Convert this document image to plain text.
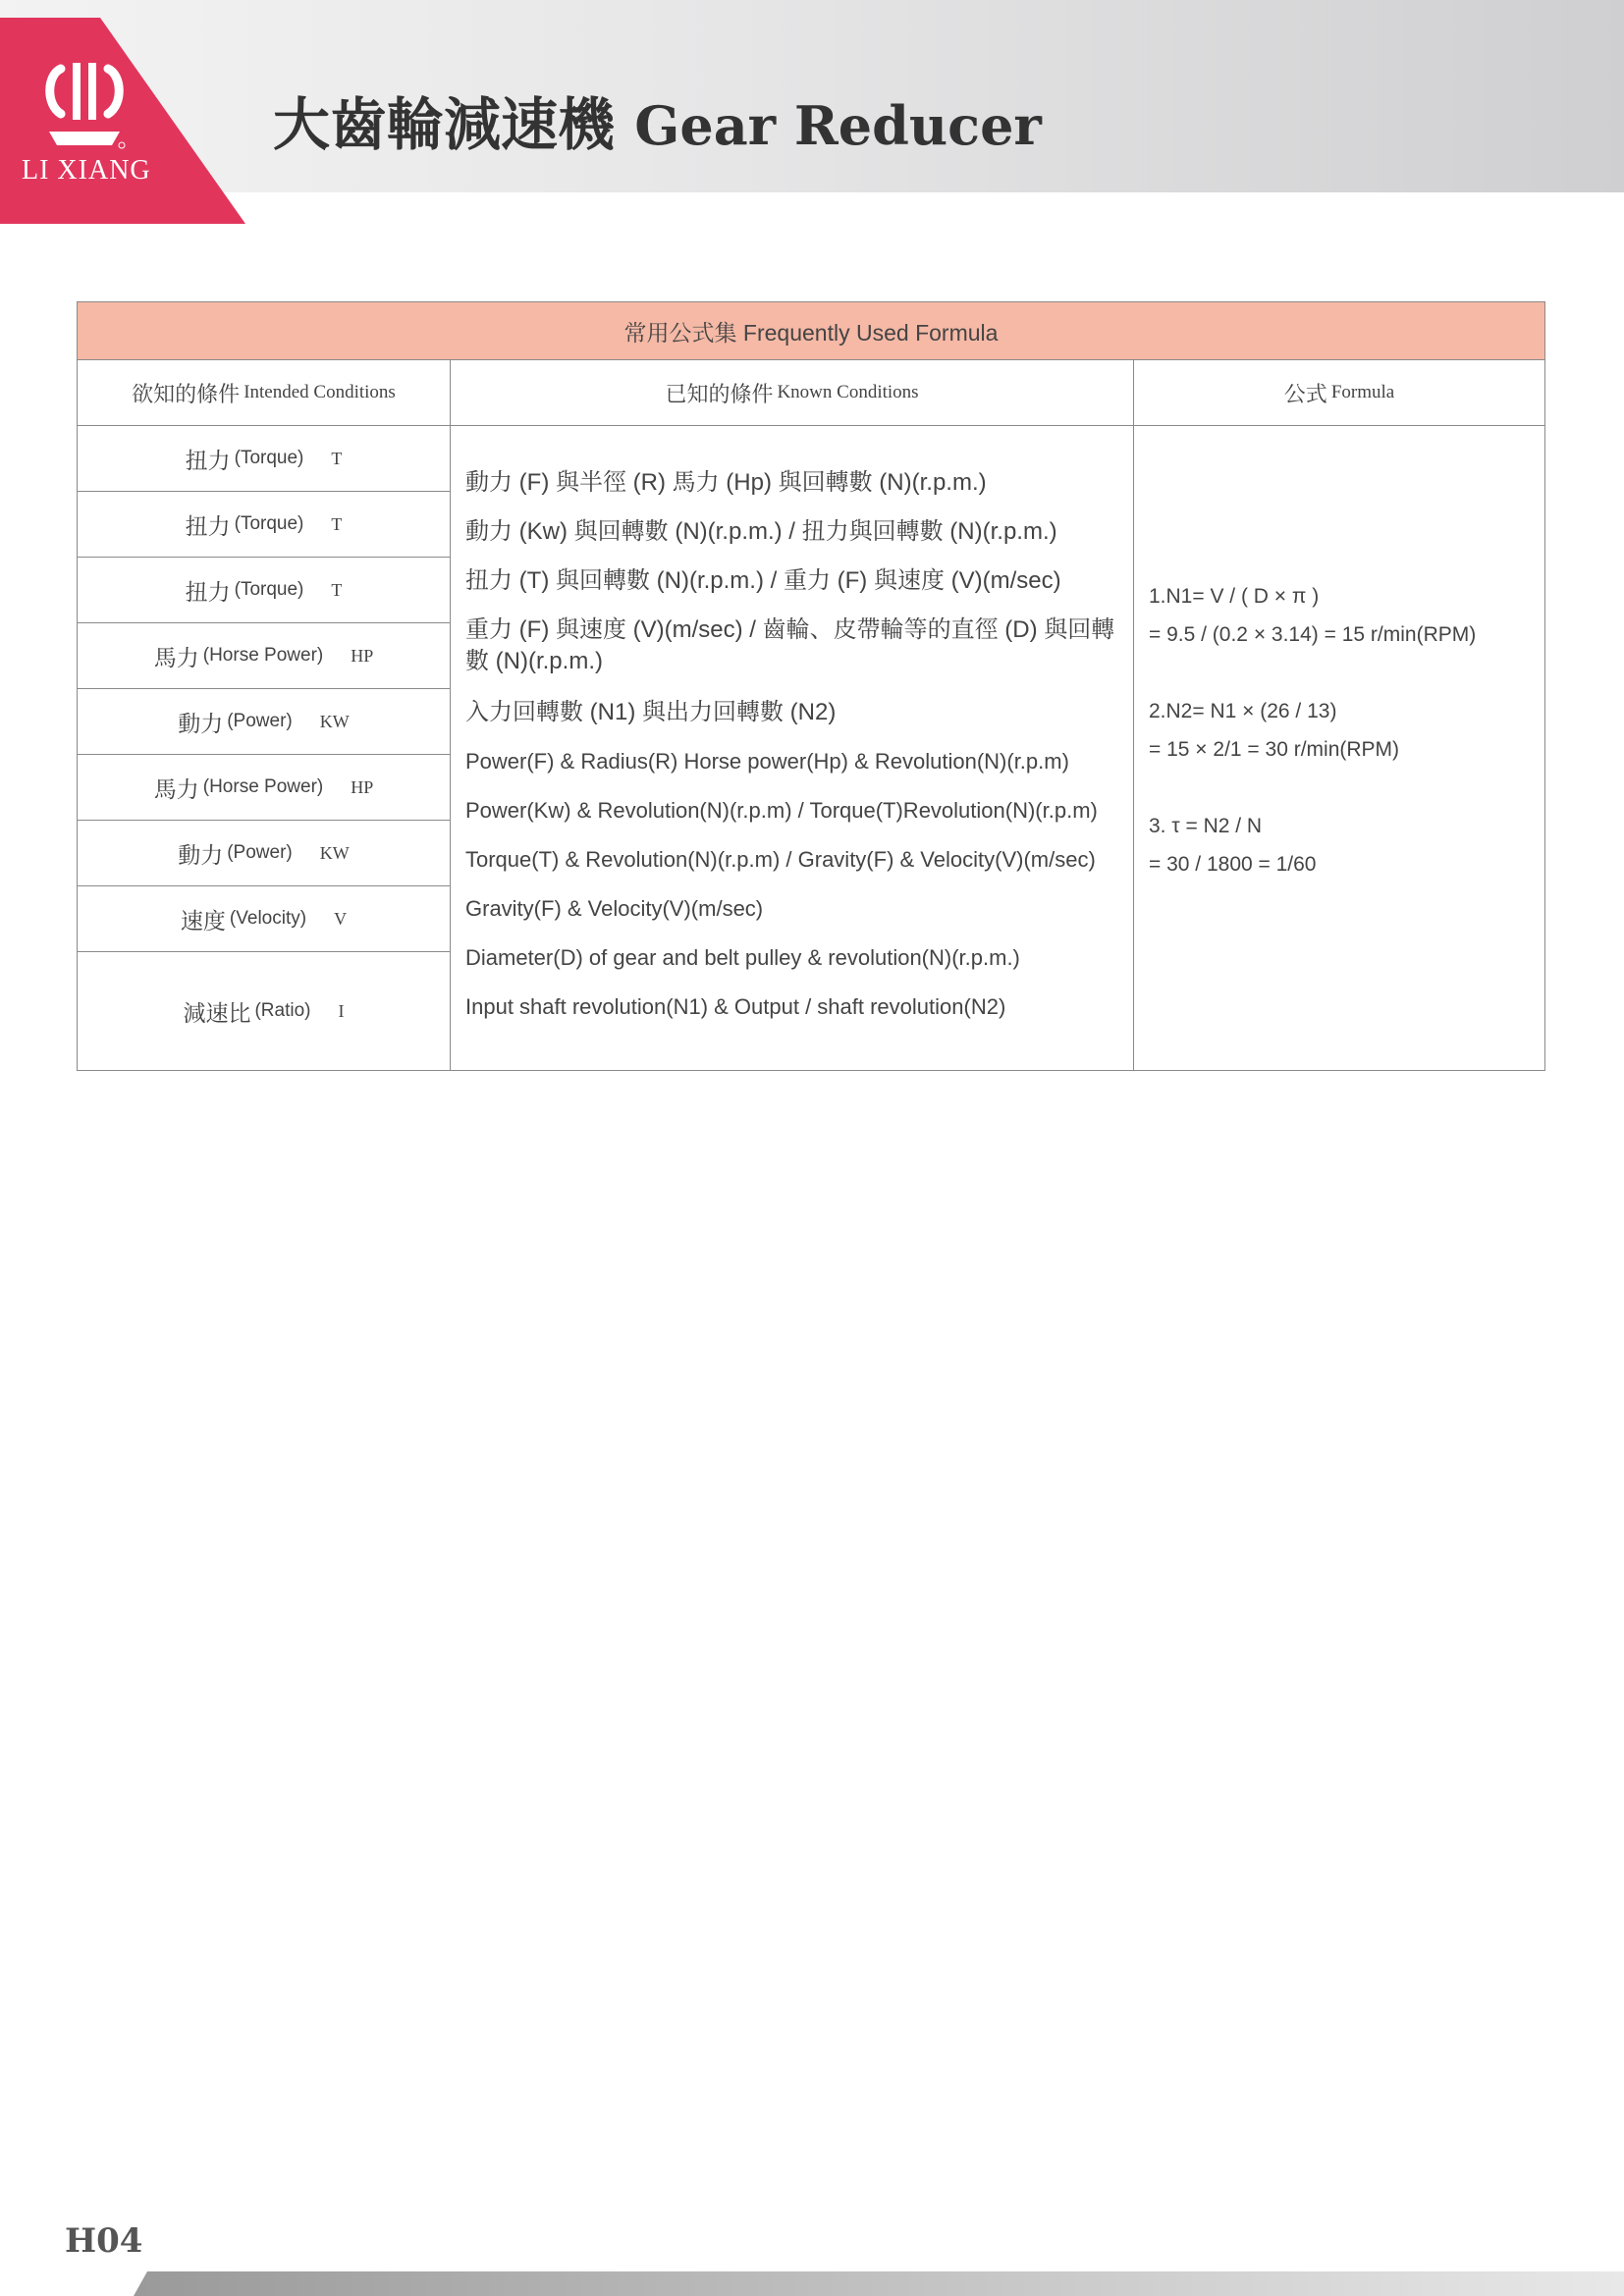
LI XIANG
大齒輪減速機 Gear Reducer
常用公式集 Frequently Used Formula
欲知的條件 Intended Conditions	已知的條件 Known Conditions	公式 Formula
扭力 (Torque) T
扭力 (Torque) T
扭力 (Torque) T
馬力 (Horse Power) HP
動力 (Power) KW
馬力 (Horse Power) HP
動力 (Power) KW
速度 (Velocity) V
減速比 (Ratio) I
動力 (F) 與半徑 (R) 馬力 (Hp) 與回轉數 (N)(r.p.m.)
動力 (Kw) 與回轉數 (N)(r.p.m.) / 扭力與回轉數 (N)(r.p.m.)
扭力 (T) 與回轉數 (N)(r.p.m.) / 重力 (F) 與速度 (V)(m/sec)
重力 (F) 與速度 (V)(m/sec) / 齒輪、皮帶輪等的直徑 (D) 與回轉數 (N)(r.p.m.)
入力回轉數 (N1) 與出力回轉數 (N2)
Power(F) & Radius(R) Horse power(Hp) & Revolution(N)(r.p.m)
Power(Kw) & Revolution(N)(r.p.m) / Torque(T)Revolution(N)(r.p.m)
Torque(T) & Revolution(N)(r.p.m) / Gravity(F) & Velocity(V)(m/sec)
Gravity(F) & Velocity(V)(m/sec)
Diameter(D) of gear and belt pulley & revolution(N)(r.p.m.)
Input shaft revolution(N1) & Output / shaft revolution(N2)
1.N1= V / ( D × π )
= 9.5 / (0.2 × 3.14) = 15 r/min(RPM)
2.N2= N1 × (26 / 13)
= 15 × 2/1 = 30 r/min(RPM)
3. τ = N2 / N
= 30 / 1800 = 1/60
H04
